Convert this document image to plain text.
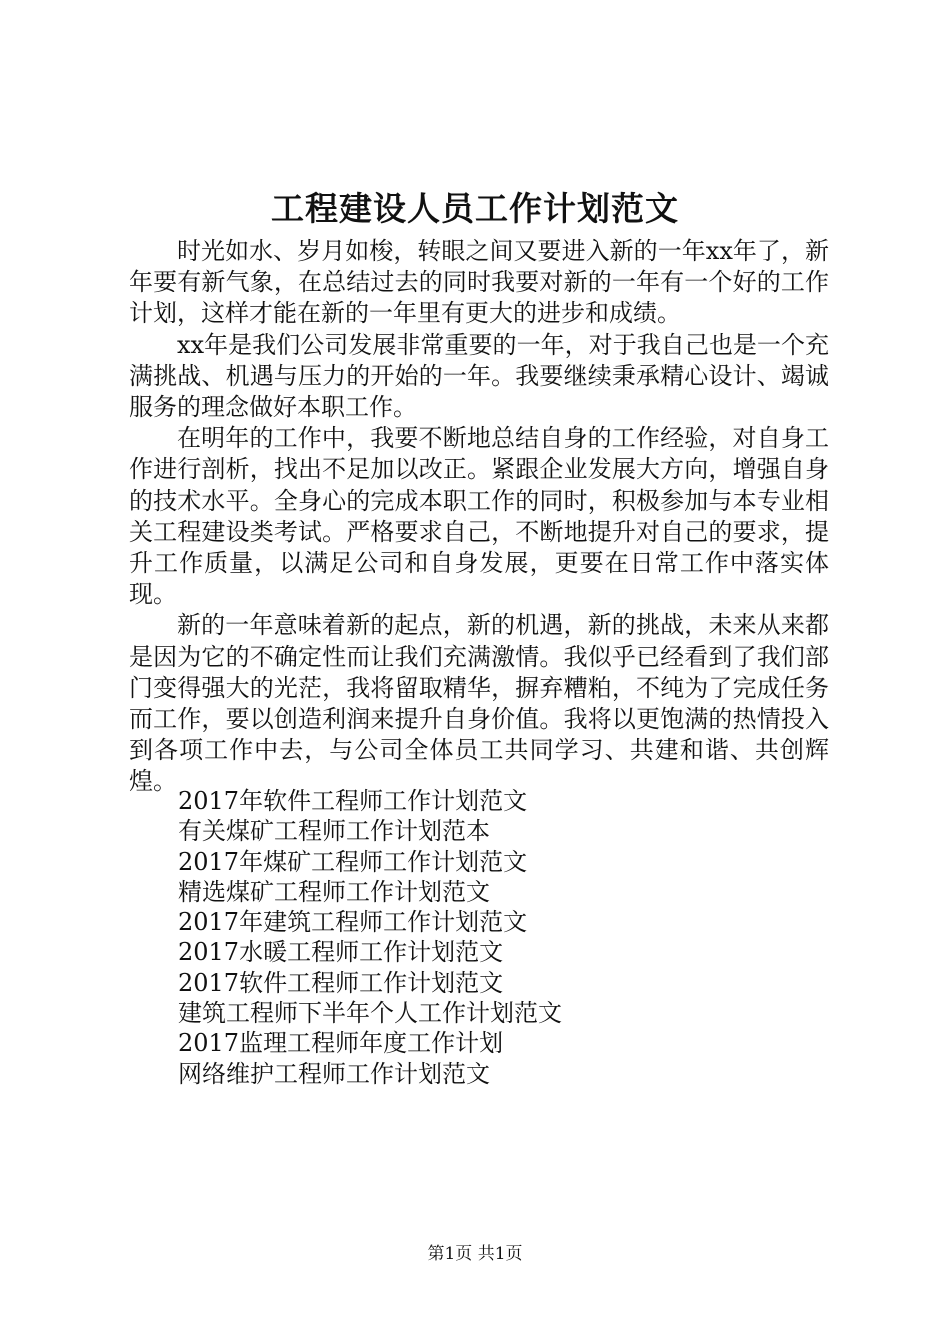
工程建设人员工作计划范文

时光如水、岁月如梭，转眼之间又要进入新的一年xx年了，新年要有新气象，在总结过去的同时我要对新的一年有一个好的工作计划，这样才能在新的一年里有更大的进步和成绩。

xx年是我们公司发展非常重要的一年，对于我自己也是一个充满挑战、机遇与压力的开始的一年。我要继续秉承精心设计、竭诚服务的理念做好本职工作。

在明年的工作中，我要不断地总结自身的工作经验，对自身工作进行剖析，找出不足加以改正。紧跟企业发展大方向，增强自身的技术水平。全身心的完成本职工作的同时，积极参加与本专业相关工程建设类考试。严格要求自己，不断地提升对自己的要求，提升工作质量，以满足公司和自身发展，更要在日常工作中落实体现。

新的一年意味着新的起点，新的机遇，新的挑战，未来从来都是因为它的不确定性而让我们充满激情。我似乎已经看到了我们部门变得强大的光茫，我将留取精华，摒弃糟粕，不纯为了完成任务而工作，要以创造利润来提升自身价值。我将以更饱满的热情投入到各项工作中去，与公司全体员工共同学习、共建和谐、共创辉煌。

2017年软件工程师工作计划范文
有关煤矿工程师工作计划范本
2017年煤矿工程师工作计划范文
精选煤矿工程师工作计划范文
2017年建筑工程师工作计划范文
2017水暖工程师工作计划范文
2017软件工程师工作计划范文
建筑工程师下半年个人工作计划范文
2017监理工程师年度工作计划
网络维护工程师工作计划范文
第1页 共1页
